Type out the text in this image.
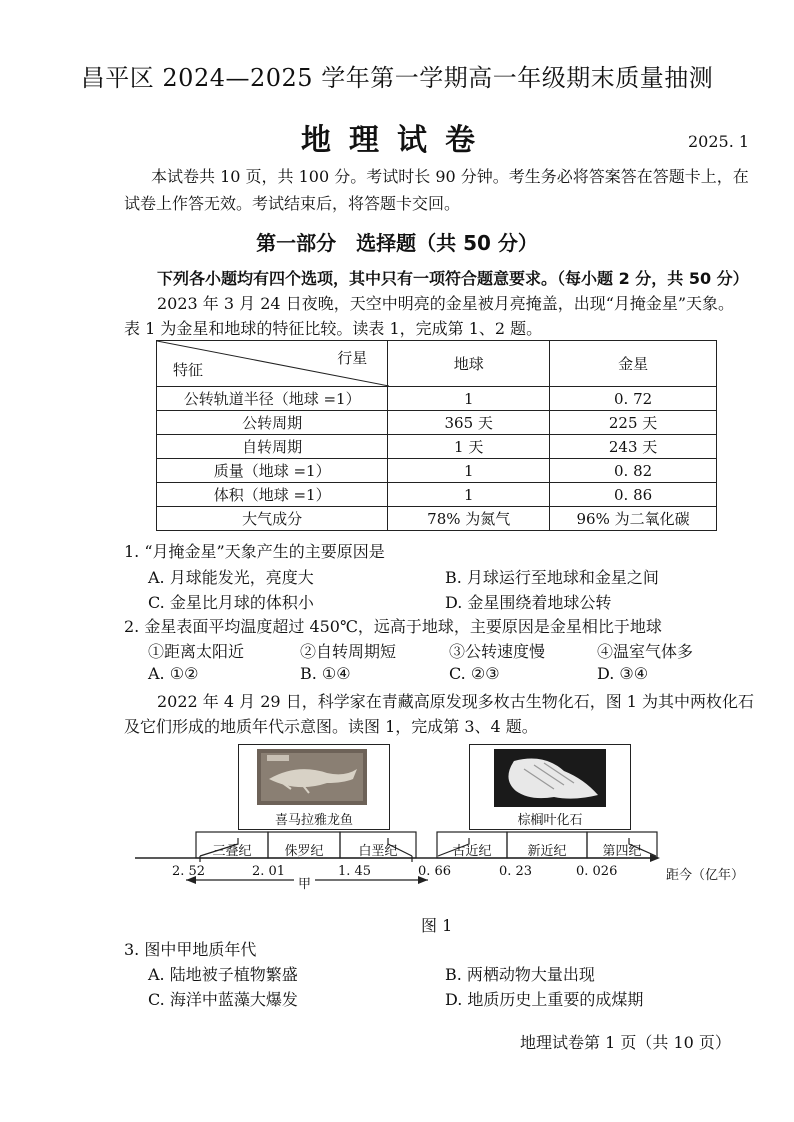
昌平区 2024—2025 学年第一学期高一年级期末质量抽测
地理试卷	2025. 1
本试卷共 10 页，共 100 分。考试时长 90 分钟。考生务必将答案答在答题卡上，在
试卷上作答无效。考试结束后，将答题卡交回。
第一部分　选择题（共 50 分）
下列各小题均有四个选项，其中只有一项符合题意要求。（每小题 2 分，共 50 分）
2023 年 3 月 24 日夜晚，天空中明亮的金星被月亮掩盖，出现“月掩金星”天象。
表 1 为金星和地球的特征比较。读表 1，完成第 1、2 题。
行星
特征	地球	金星
公转轨道半径（地球 =1）	1	0. 72
公转周期	365 天	225 天
自转周期	1 天	243 天
质量（地球 =1）	1	0. 82
体积（地球 =1）	1	0. 86
大气成分	78% 为氮气	96% 为二氧化碳
1. “月掩金星”天象产生的主要原因是
A. 月球能发光，亮度大	B. 月球运行至地球和金星之间
C. 金星比月球的体积小	D. 金星围绕着地球公转
2. 金星表面平均温度超过 450℃，远高于地球，主要原因是金星相比于地球
①距离太阳近	②自转周期短	③公转速度慢	④温室气体多
A. ①②	B. ①④	C. ②③	D. ③④
2022 年 4 月 29 日，科学家在青藏高原发现多枚古生物化石，图 1 为其中两枚化石
及它们形成的地质年代示意图。读图 1，完成第 3、4 题。
喜马拉雅龙鱼	棕榈叶化石
三叠纪	侏罗纪	白垩纪	古近纪	新近纪	第四纪
2. 52	2. 01	1. 45	0. 66	0. 23	0. 026	距今（亿年）
甲
图 1
3. 图中甲地质年代
A. 陆地被子植物繁盛	B. 两栖动物大量出现
C. 海洋中蓝藻大爆发	D. 地质历史上重要的成煤期
地理试卷第 1 页（共 10 页）
